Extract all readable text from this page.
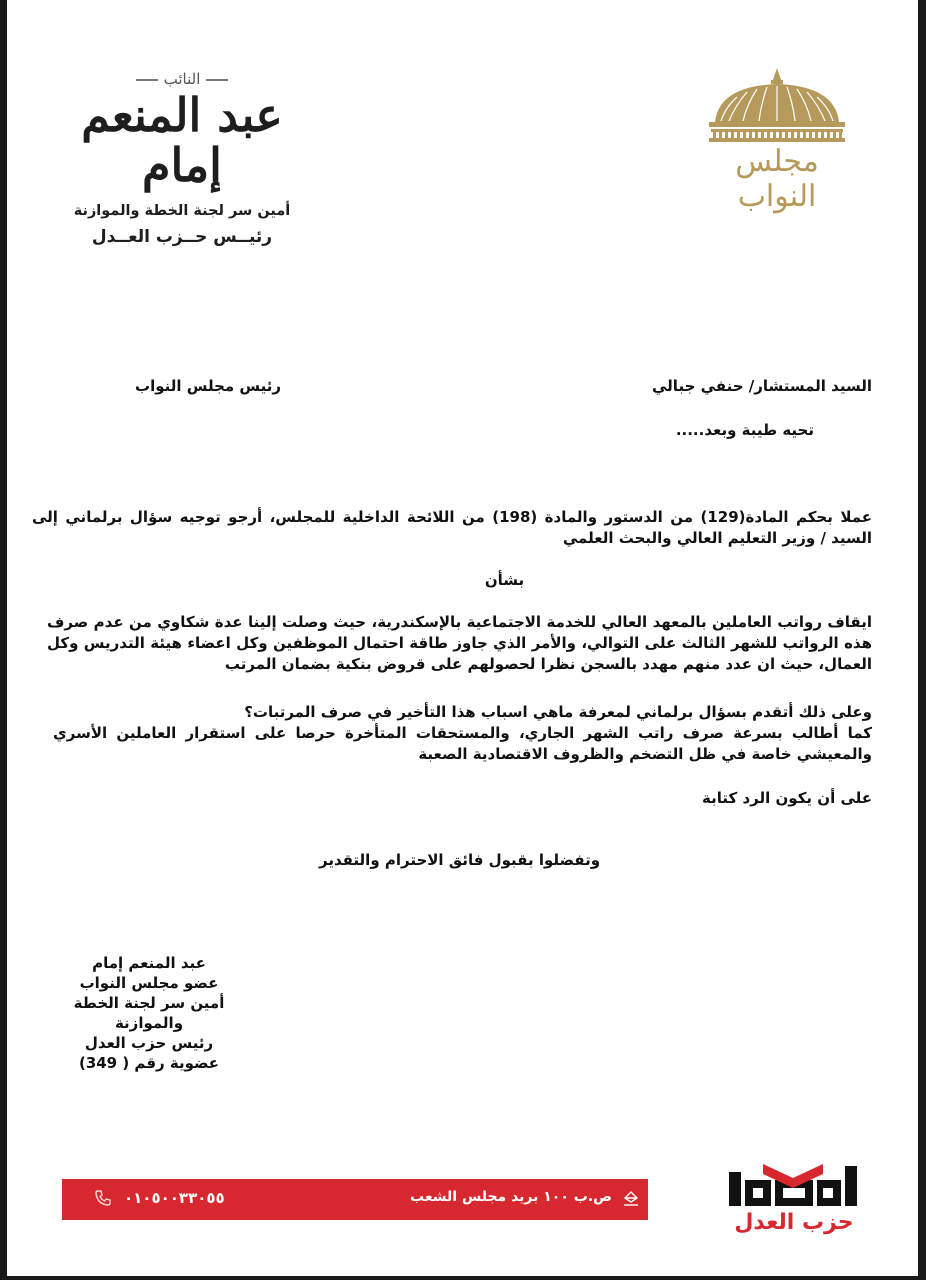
النائب
عبد المنعم إمام
أمين سر لجنة الخطة والموازنة
رئيــس حــزب العــدل
مجلس النواب
السيد المستشار/ حنفي جبالي
رئيس مجلس النواب
تحيه طيبة وبعد.....
عملا بحكم المادة(129) من الدستور والمادة (198) من اللائحة الداخلية للمجلس، أرجو توجيه سؤال برلماني إلى السيد / وزير التعليم العالي والبحث العلمي
بشأن
ايقاف رواتب العاملين بالمعهد العالي للخدمة الاجتماعية بالإسكندرية، حيث وصلت إلينا عدة شكاوي من عدم صرف هذه الرواتب للشهر الثالث على التوالي، والأمر الذي جاوز طاقة احتمال الموظفين وكل اعضاء هيئة التدريس وكل العمال، حيث ان عدد منهم مهدد بالسجن نظرا لحصولهم على قروض بنكية بضمان المرتب
وعلى ذلك أتقدم بسؤال برلماني لمعرفة ماهي اسباب هذا التأخير في صرف المرتبات؟
كما أطالب بسرعة صرف راتب الشهر الجاري، والمستحقات المتأخرة حرصا على استقرار العاملين الأسري والمعيشي خاصة في ظل التضخم والظروف الاقتصادية الصعبة
على أن يكون الرد كتابة
وتفضلوا بقبول فائق الاحترام والتقدير
عبد المنعم إمام
عضو مجلس النواب
أمين سر لجنة الخطة والموازنة
رئيس حزب العدل
عضوية رقم ( 349)
٠١٠٥٠٠٣٣٠٥٥	ص.ب ١٠٠ بريد مجلس الشعب
حزب العدل
